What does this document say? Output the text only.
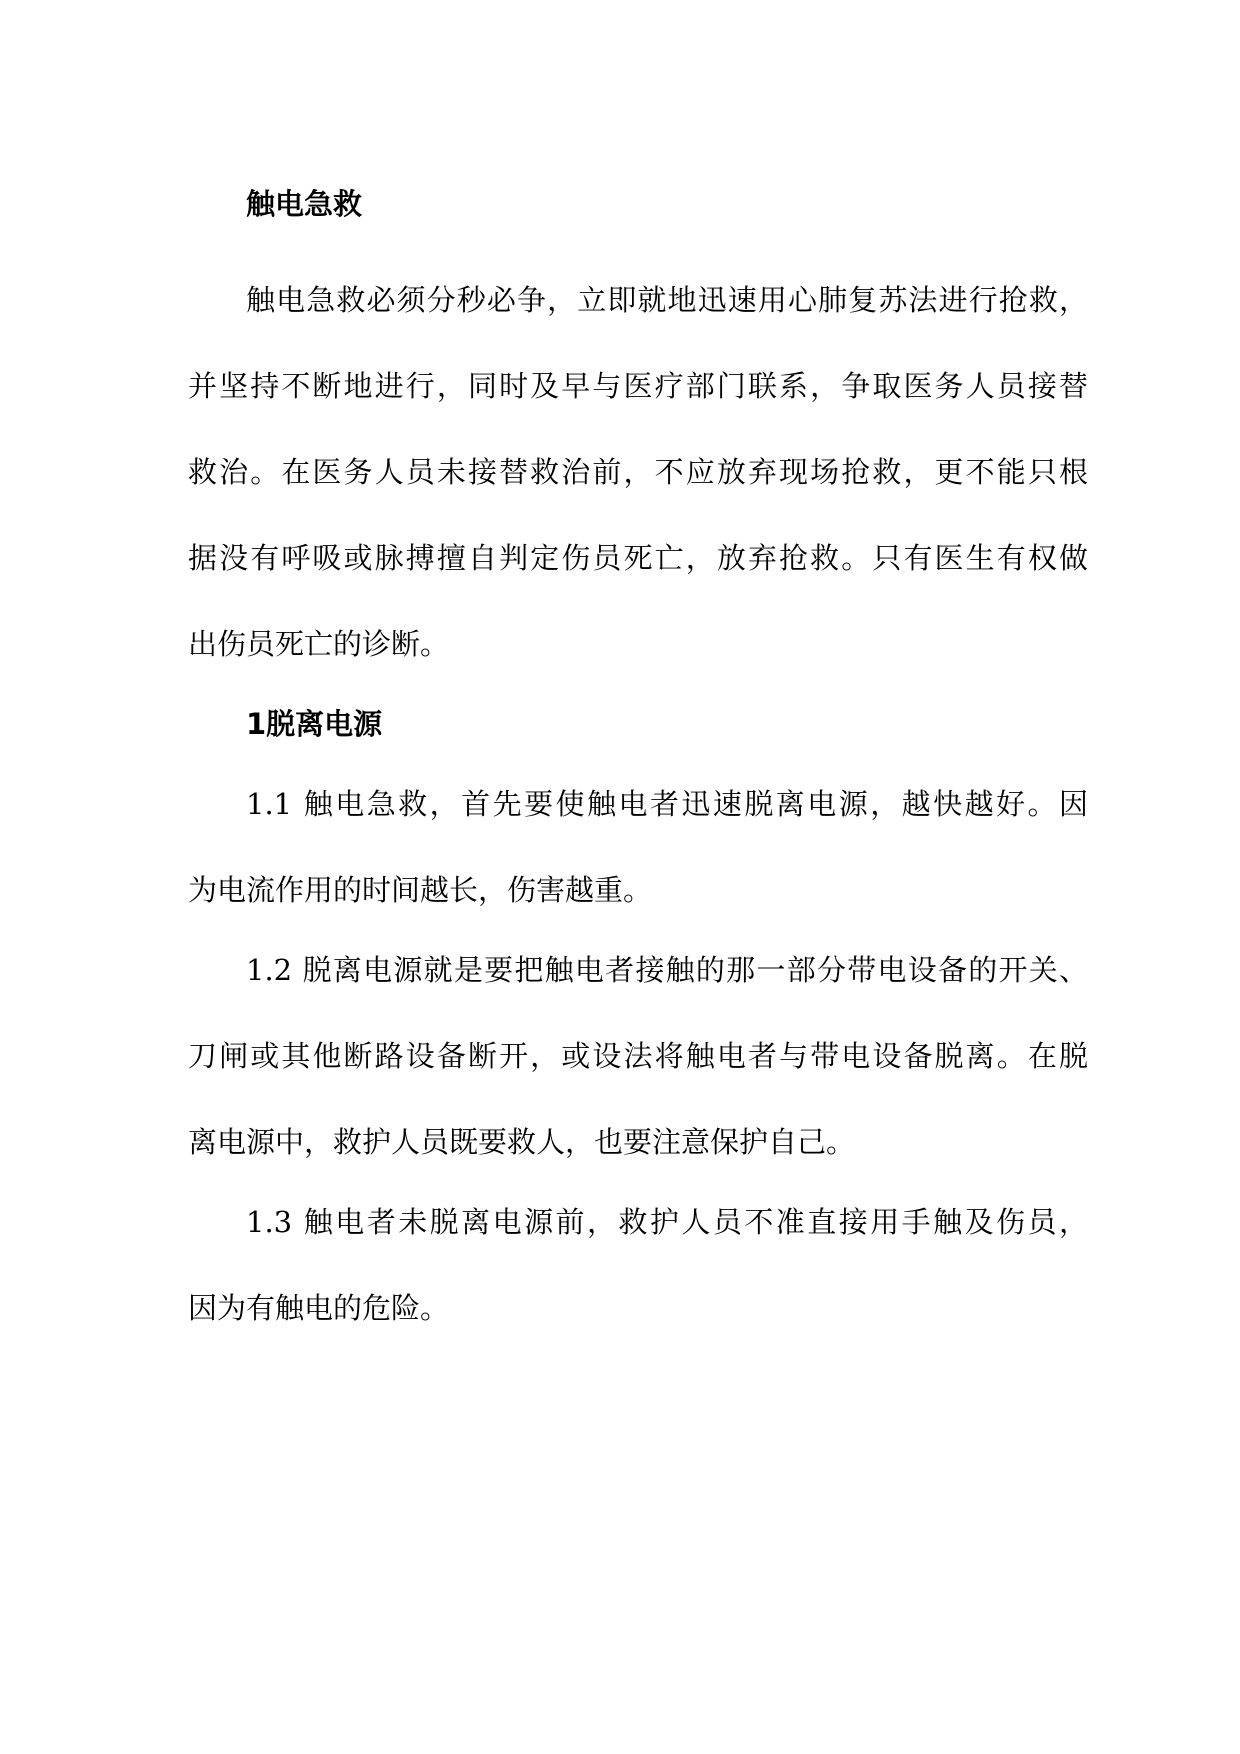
触电急救
触电急救必须分秒必争，立即就地迅速用心肺复苏法进行抢救，
并坚持不断地进行，同时及早与医疗部门联系，争取医务人员接替
救治。在医务人员未接替救治前，不应放弃现场抢救，更不能只根
据没有呼吸或脉搏擅自判定伤员死亡，放弃抢救。只有医生有权做
出伤员死亡的诊断。
1脱离电源
1.1 触电急救，首先要使触电者迅速脱离电源，越快越好。因
为电流作用的时间越长，伤害越重。
1.2 脱离电源就是要把触电者接触的那一部分带电设备的开关、
刀闸或其他断路设备断开，或设法将触电者与带电设备脱离。在脱
离电源中，救护人员既要救人，也要注意保护自己。
1.3 触电者未脱离电源前，救护人员不准直接用手触及伤员，
因为有触电的危险。
